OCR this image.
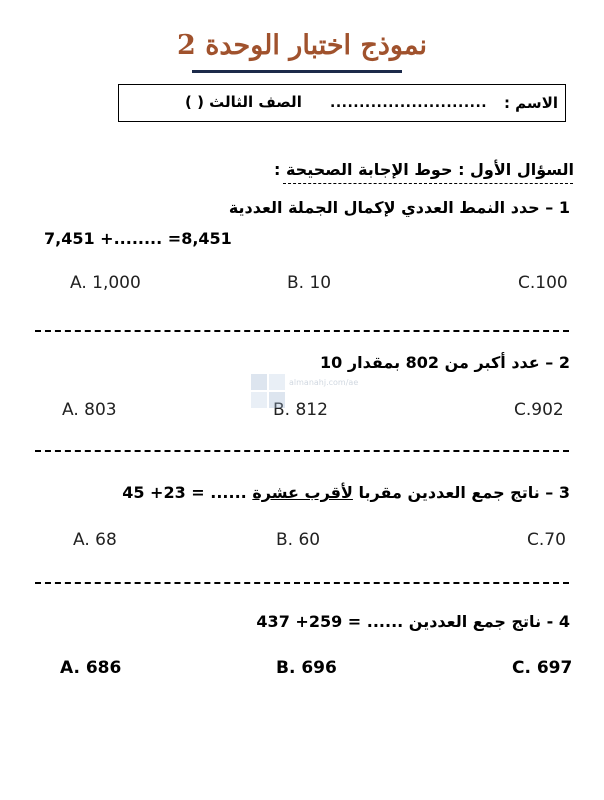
نموذج اختبار الوحدة 2
الاسم :
...........................
الصف الثالث ( )
السؤال الأول : حوط الإجابة الصحيحة :
1 – حدد النمط العددي لإكمال الجملة العددية
7,451 +........ =8,451
A. 1,000	B. 10	C.100
2 – عدد أكبر من 802 بمقدار 10
A. 803	B. 812	C.902
3 – ناتج جمع العددين مقربا لأقرب عشرة ...... = 23+ 45
A. 68	B. 60	C.70
4 - ناتج جمع العددين ...... = 259+ 437
A. 686	B. 696	C. 697
almanahj.com/ae
